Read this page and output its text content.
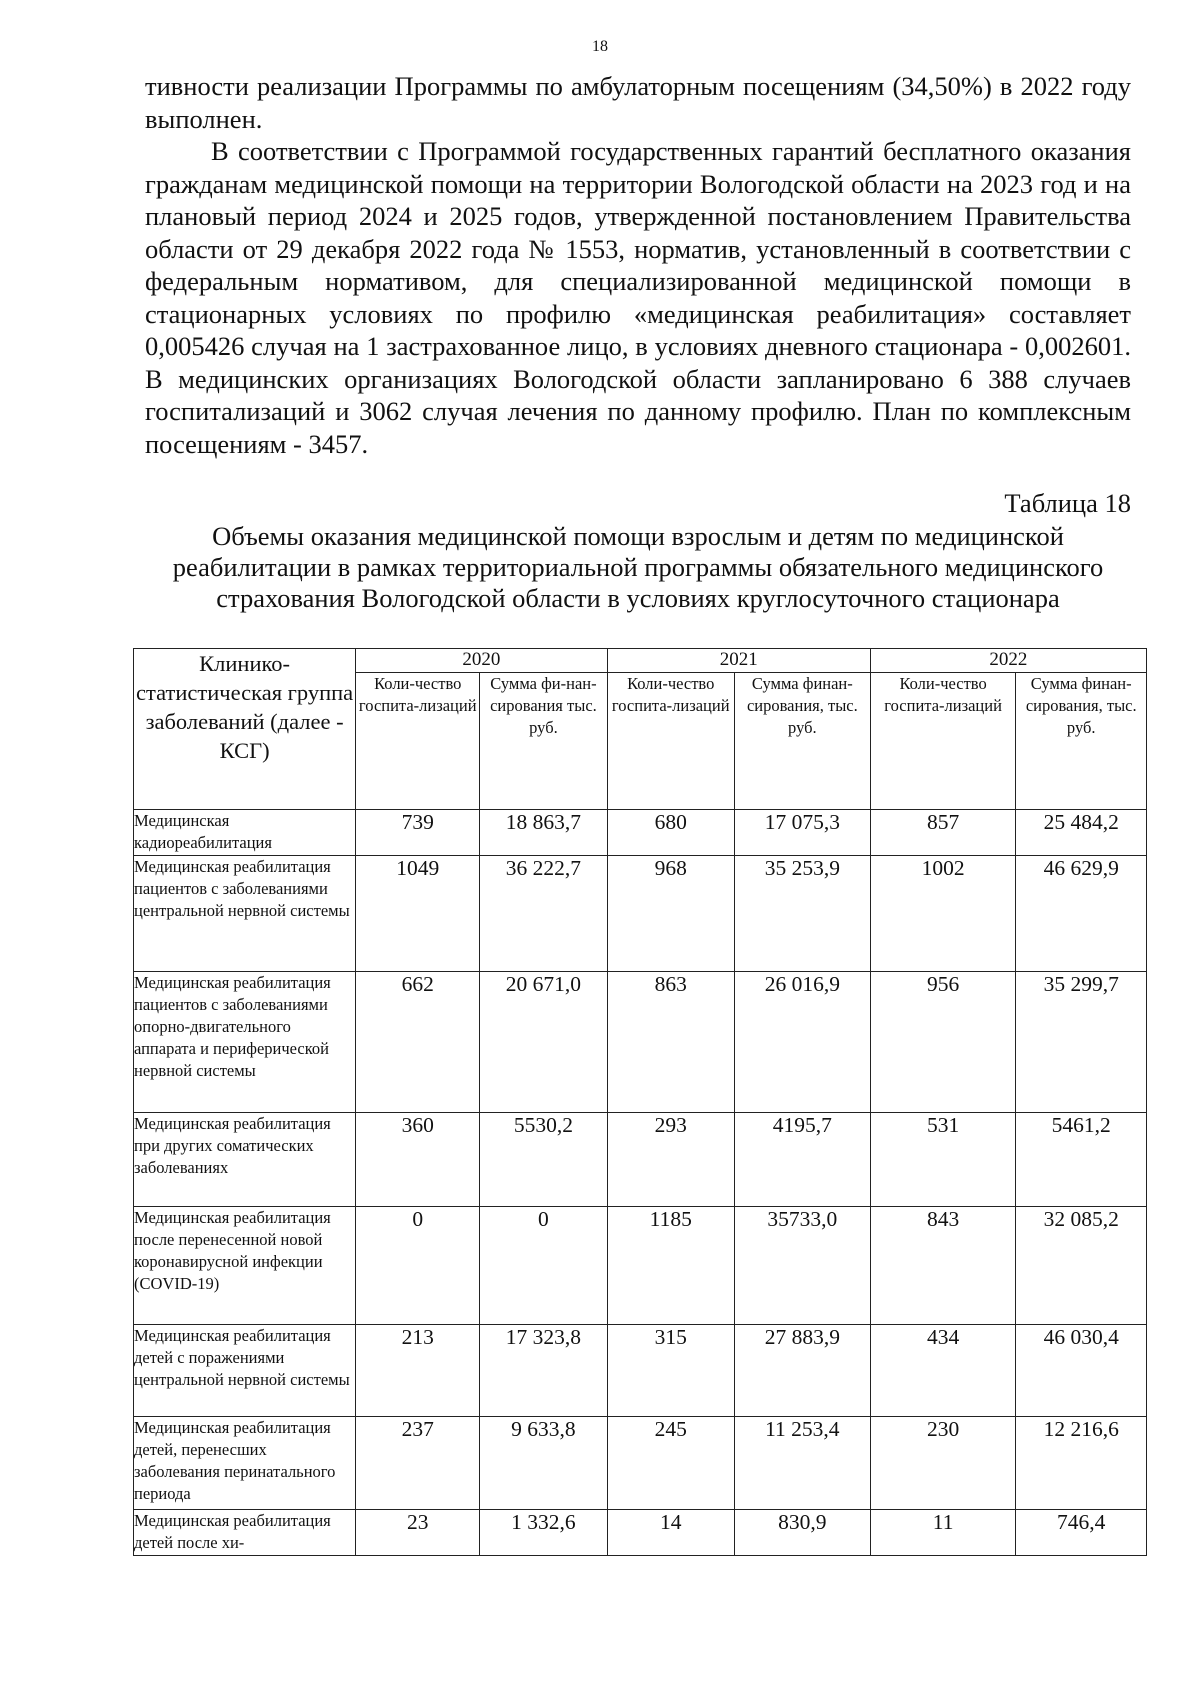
18

тивности реализации Программы по амбулаторным посещениям (34,50%) в 2022 году выполнен.

В соответствии с Программой государственных гарантий бесплатного оказания гражданам медицинской помощи на территории Вологодской области на 2023 год и на плановый период 2024 и 2025 годов, утвержденной постановлением Правительства области от 29 декабря 2022 года № 1553, норматив, установленный в соответствии с федеральным нормативом, для специализированной медицинской помощи в стационарных условиях по профилю «медицинская реабилитация» составляет 0,005426 случая на 1 застрахованное лицо, в условиях дневного стационара - 0,002601. В медицинских организациях Вологодской области запланировано 6 388 случаев госпитализаций и 3062 случая лечения по данному профилю. План по комплексным посещениям - 3457.

Таблица 18
Объемы оказания медицинской помощи взрослым и детям по медицинской реабилитации в рамках территориальной программы обязательного медицинского страхования Вологодской области в условиях круглосуточного стационара
Клинико-статистическая группа заболеваний (далее - КСГ)	2020		2021		2022	
	Коли-чество госпита-лизаций	Сумма фи-нан-сирования тыс. руб.	Коли-чество госпита-лизаций	Сумма финан-сирования, тыс. руб.	Коли-чество госпита-лизаций	Сумма финан-сирования, тыс. руб.
Медицинская кадиореабилитация	739	18 863,7	680	17 075,3	857	25 484,2
Медицинская реабилитация пациентов с заболеваниями центральной нервной системы	1049	36 222,7	968	35 253,9	1002	46 629,9
Медицинская реабилитация пациентов с заболеваниями опорно-двигательного аппарата и периферической нервной системы	662	20 671,0	863	26 016,9	956	35 299,7
Медицинская реабилитация при других соматических заболеваниях	360	5530,2	293	4195,7	531	5461,2
Медицинская реабилитация после перенесенной новой коронавирусной инфекции (COVID-19)	0	0	1185	35733,0	843	32 085,2
Медицинская реабилитация детей с поражениями центральной нервной системы	213	17 323,8	315	27 883,9	434	46 030,4
Медицинская реабилитация детей, перенесших заболевания перинатального периода	237	9 633,8	245	11 253,4	230	12 216,6
Медицинская реабилитация детей после хи-	23	1 332,6	14	830,9	11	746,4
